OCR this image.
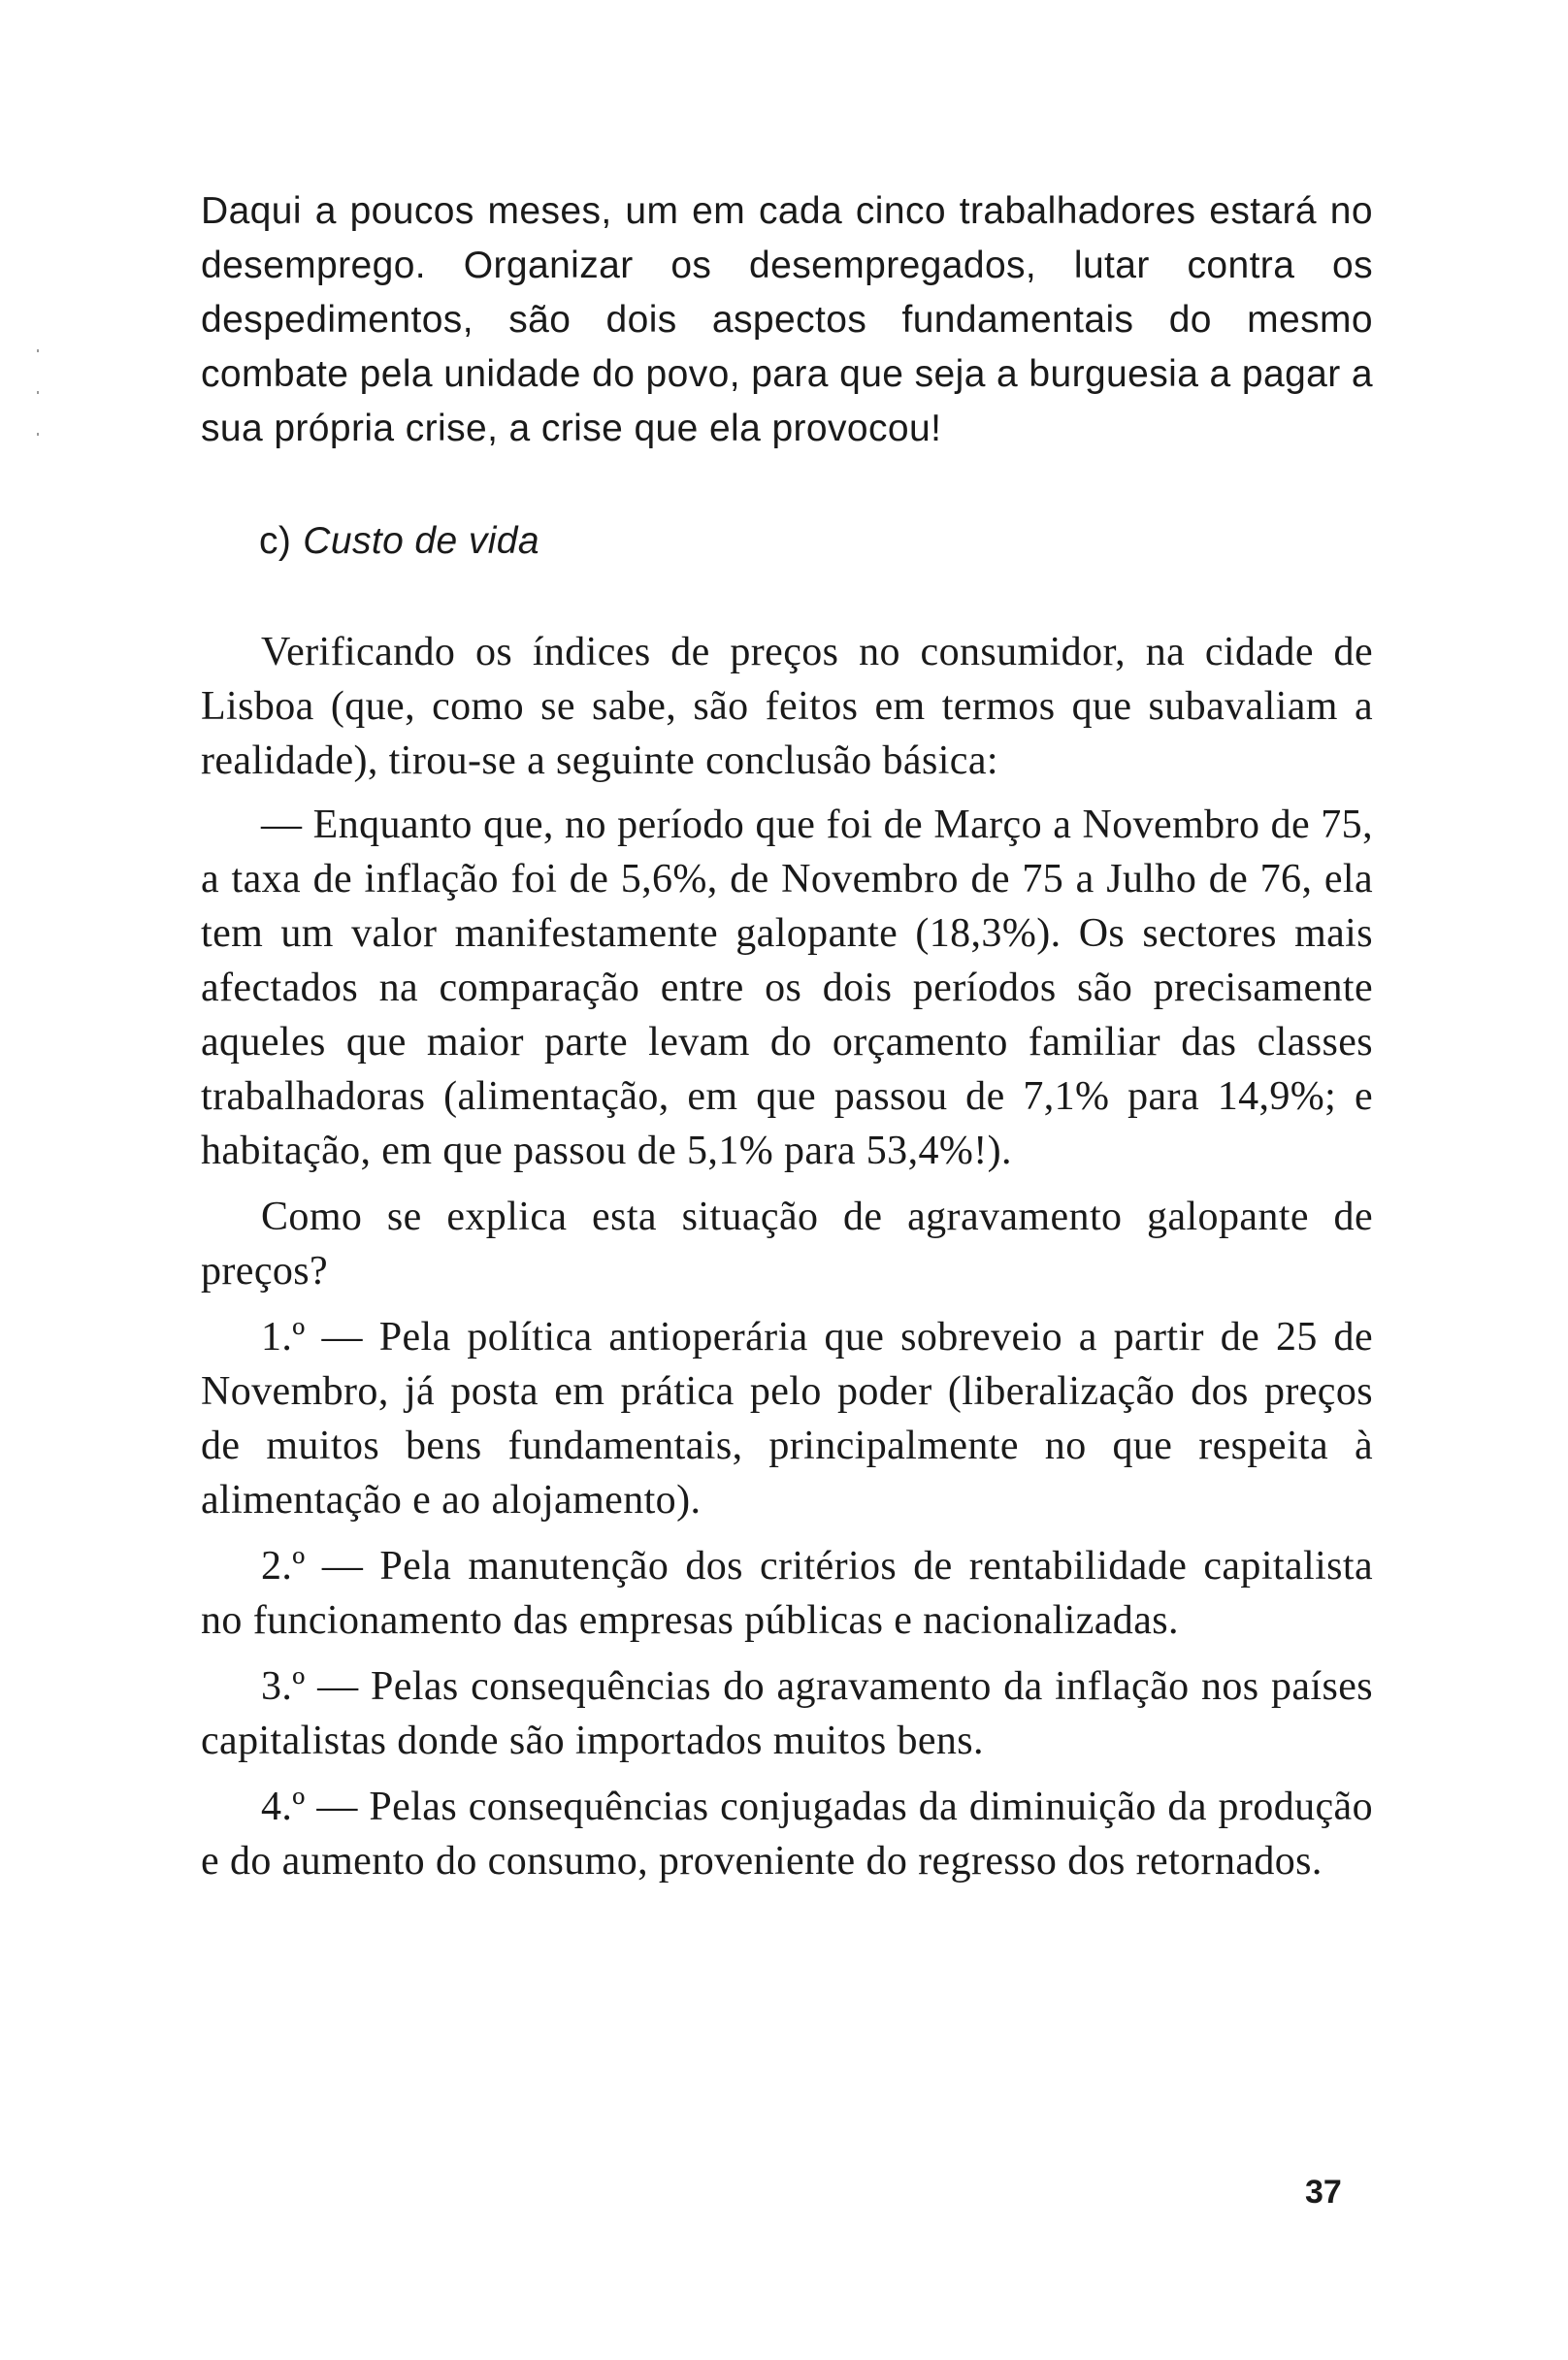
Daqui a poucos meses, um em cada cinco trabalhadores estará no desemprego. Organizar os desempregados, lutar contra os despedimentos, são dois aspectos fundamentais do mesmo combate pela unidade do povo, para que seja a burguesia a pagar a sua própria crise, a crise que ela provocou!

c) Custo de vida

Verificando os índices de preços no consumidor, na cidade de Lisboa (que, como se sabe, são feitos em termos que subavaliam a realidade), tirou-se a seguinte conclusão básica:

— Enquanto que, no período que foi de Março a Novembro de 75, a taxa de inflação foi de 5,6%, de Novembro de 75 a Julho de 76, ela tem um valor manifestamente galopante (18,3%). Os sectores mais afectados na comparação entre os dois períodos são precisamente aqueles que maior parte levam do orçamento familiar das classes trabalhadoras (alimentação, em que passou de 7,1% para 14,9%; e habitação, em que passou de 5,1% para 53,4%!).

Como se explica esta situação de agravamento galopante de preços?

1.º — Pela política antioperária que sobreveio a partir de 25 de Novembro, já posta em prática pelo poder (liberalização dos preços de muitos bens fundamentais, principalmente no que respeita à alimentação e ao alojamento).

2.º — Pela manutenção dos critérios de rentabilidade capitalista no funcionamento das empresas públicas e nacionalizadas.

3.º — Pelas consequências do agravamento da inflação nos países capitalistas donde são importados muitos bens.

4.º — Pelas consequências conjugadas da diminuição da produção e do aumento do consumo, proveniente do regresso dos retornados.

37
